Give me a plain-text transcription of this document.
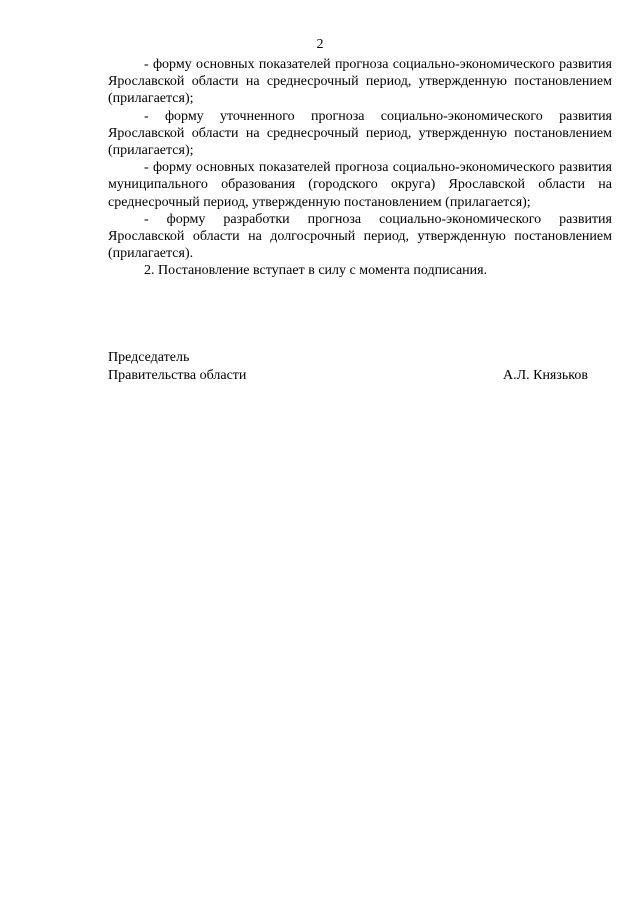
2

- форму основных показателей прогноза социально-экономического развития Ярославской области на среднесрочный период, утвержденную постановлением (прилагается);

- форму уточненного прогноза социально-экономического развития Ярославской области на среднесрочный период, утвержденную постановлением (прилагается);

- форму основных показателей прогноза социально-экономического развития муниципального образования (городского округа) Ярославской области на среднесрочный период, утвержденную постановлением (прилагается);

- форму разработки прогноза социально-экономического развития Ярославской области на долгосрочный период, утвержденную постановлением (прилагается).

2. Постановление вступает в силу с момента подписания.

Председатель
Правительства области	А.Л. Князьков
